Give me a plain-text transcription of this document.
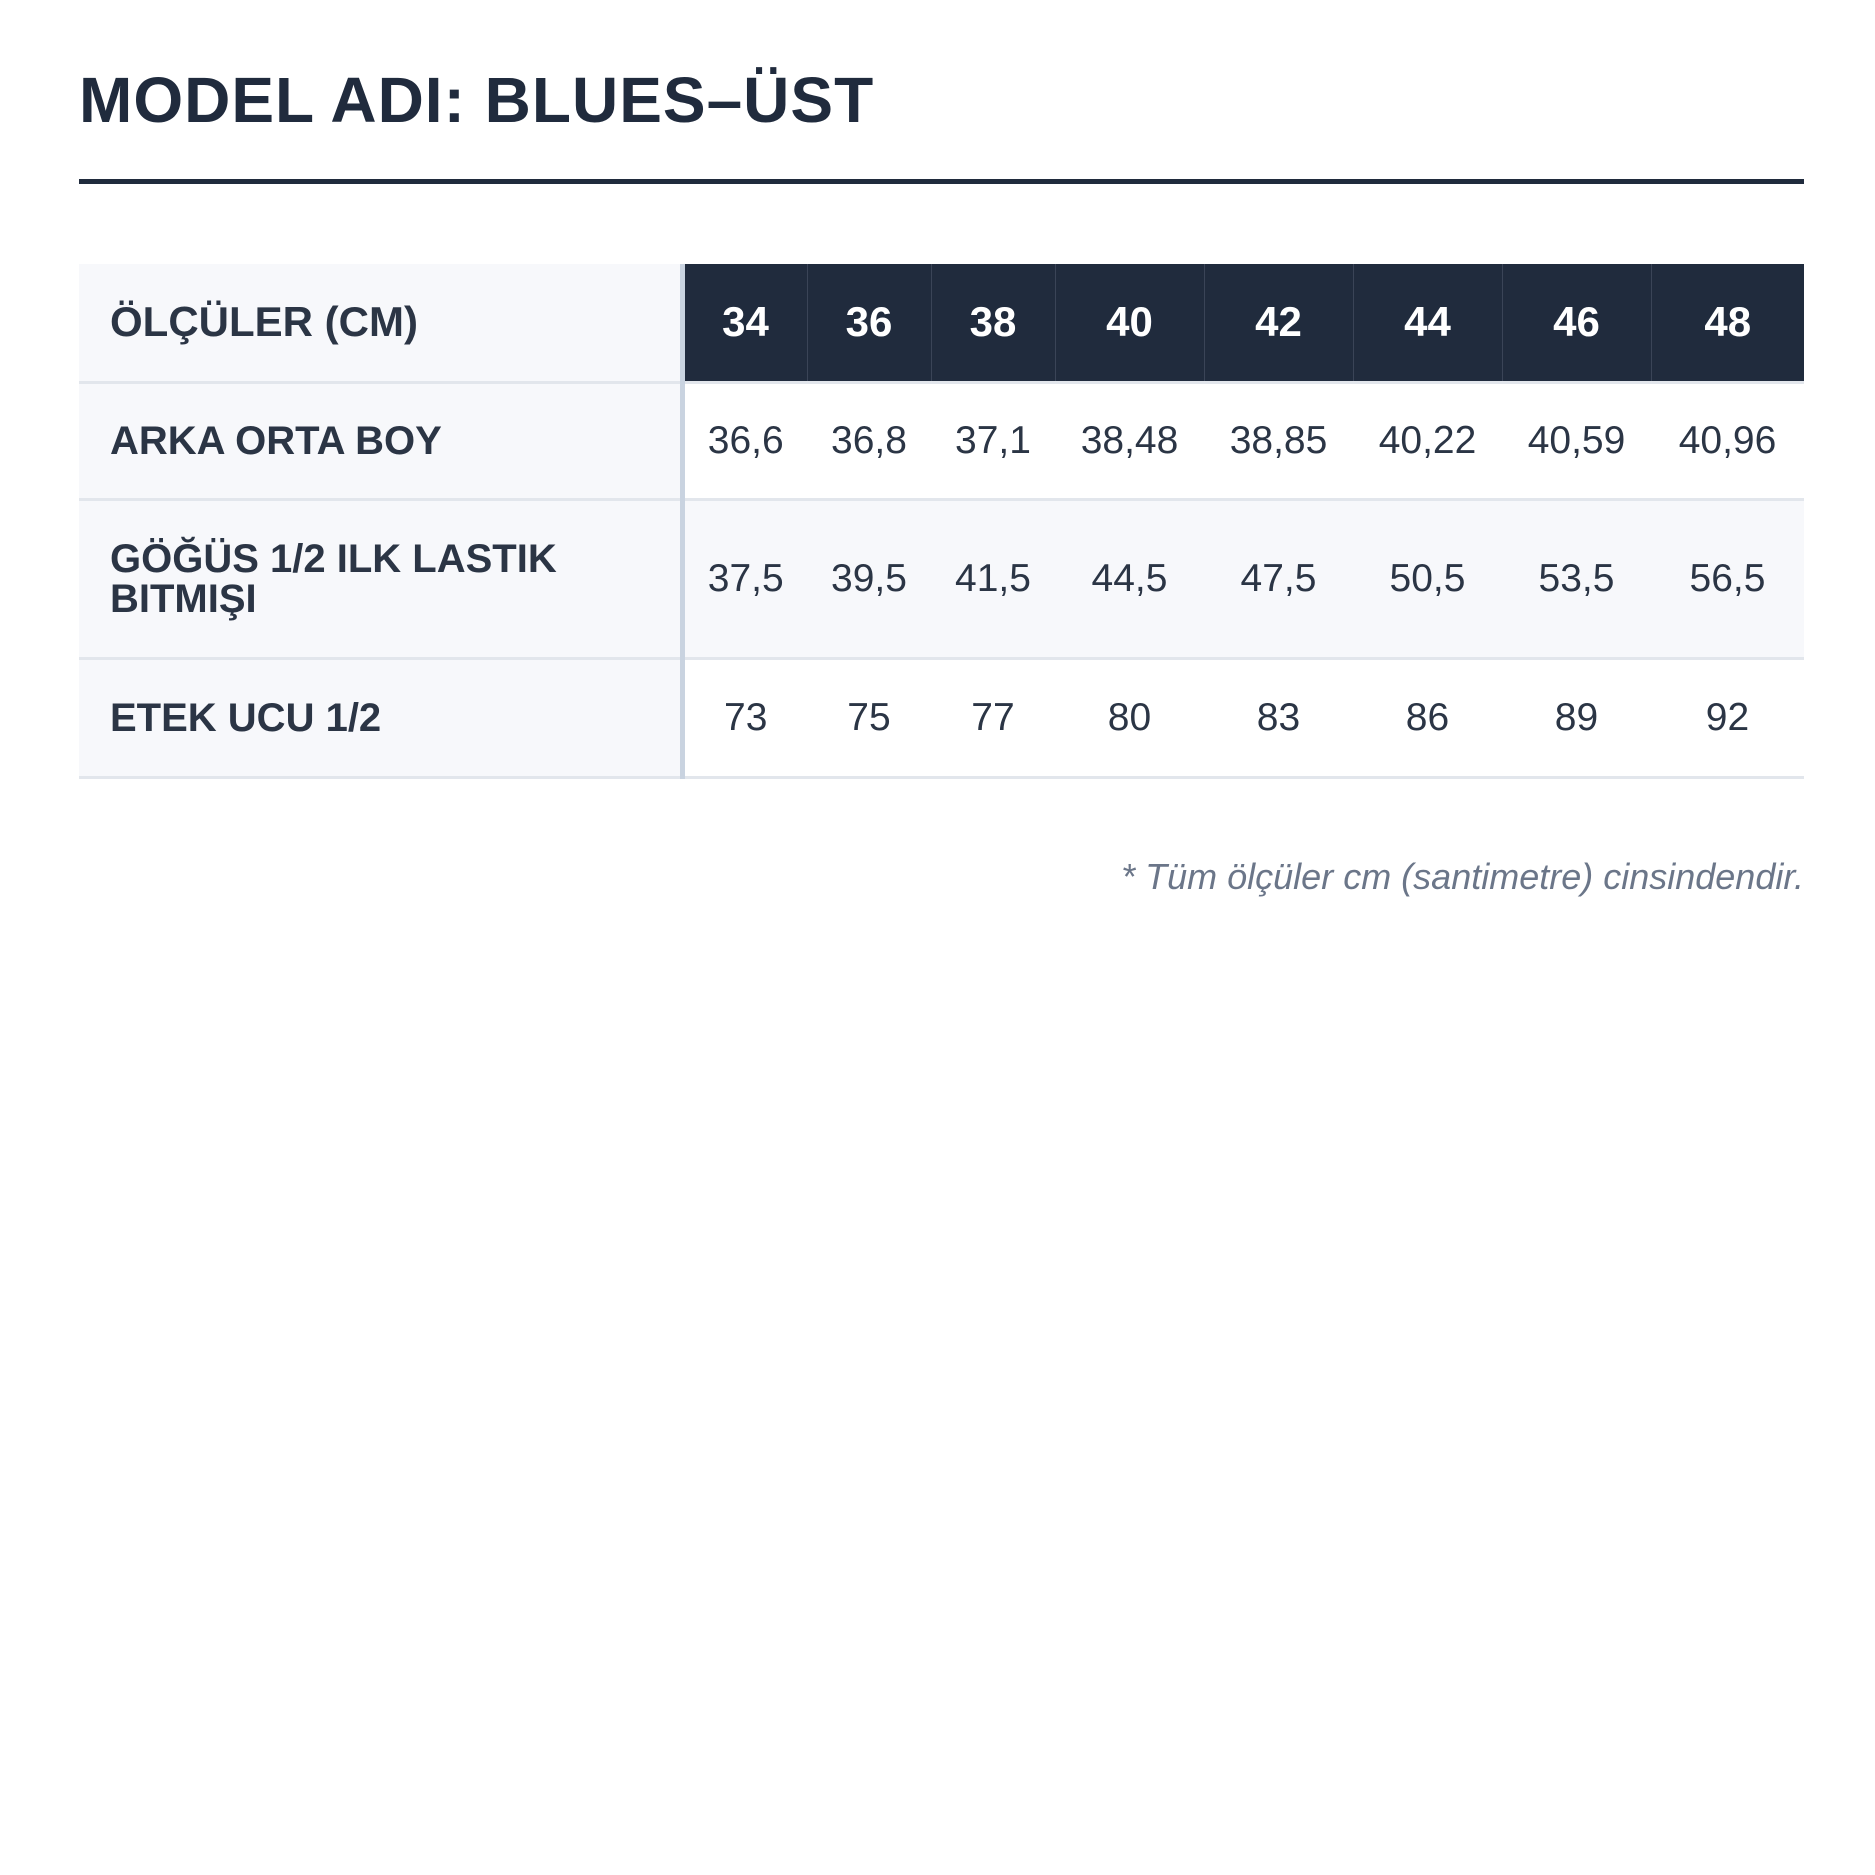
MODEL ADI: BLUES–ÜST
ÖLÇÜLER (CM)	34	36	38	40	42	44	46	48
ARKA ORTA BOY	36,6	36,8	37,1	38,48	38,85	40,22	40,59	40,96
GÖĞÜS 1/2 ILK LASTIK BITMIŞI	37,5	39,5	41,5	44,5	47,5	50,5	53,5	56,5
ETEK UCU 1/2	73	75	77	80	83	86	89	92
* Tüm ölçüler cm (santimetre) cinsindendir.
